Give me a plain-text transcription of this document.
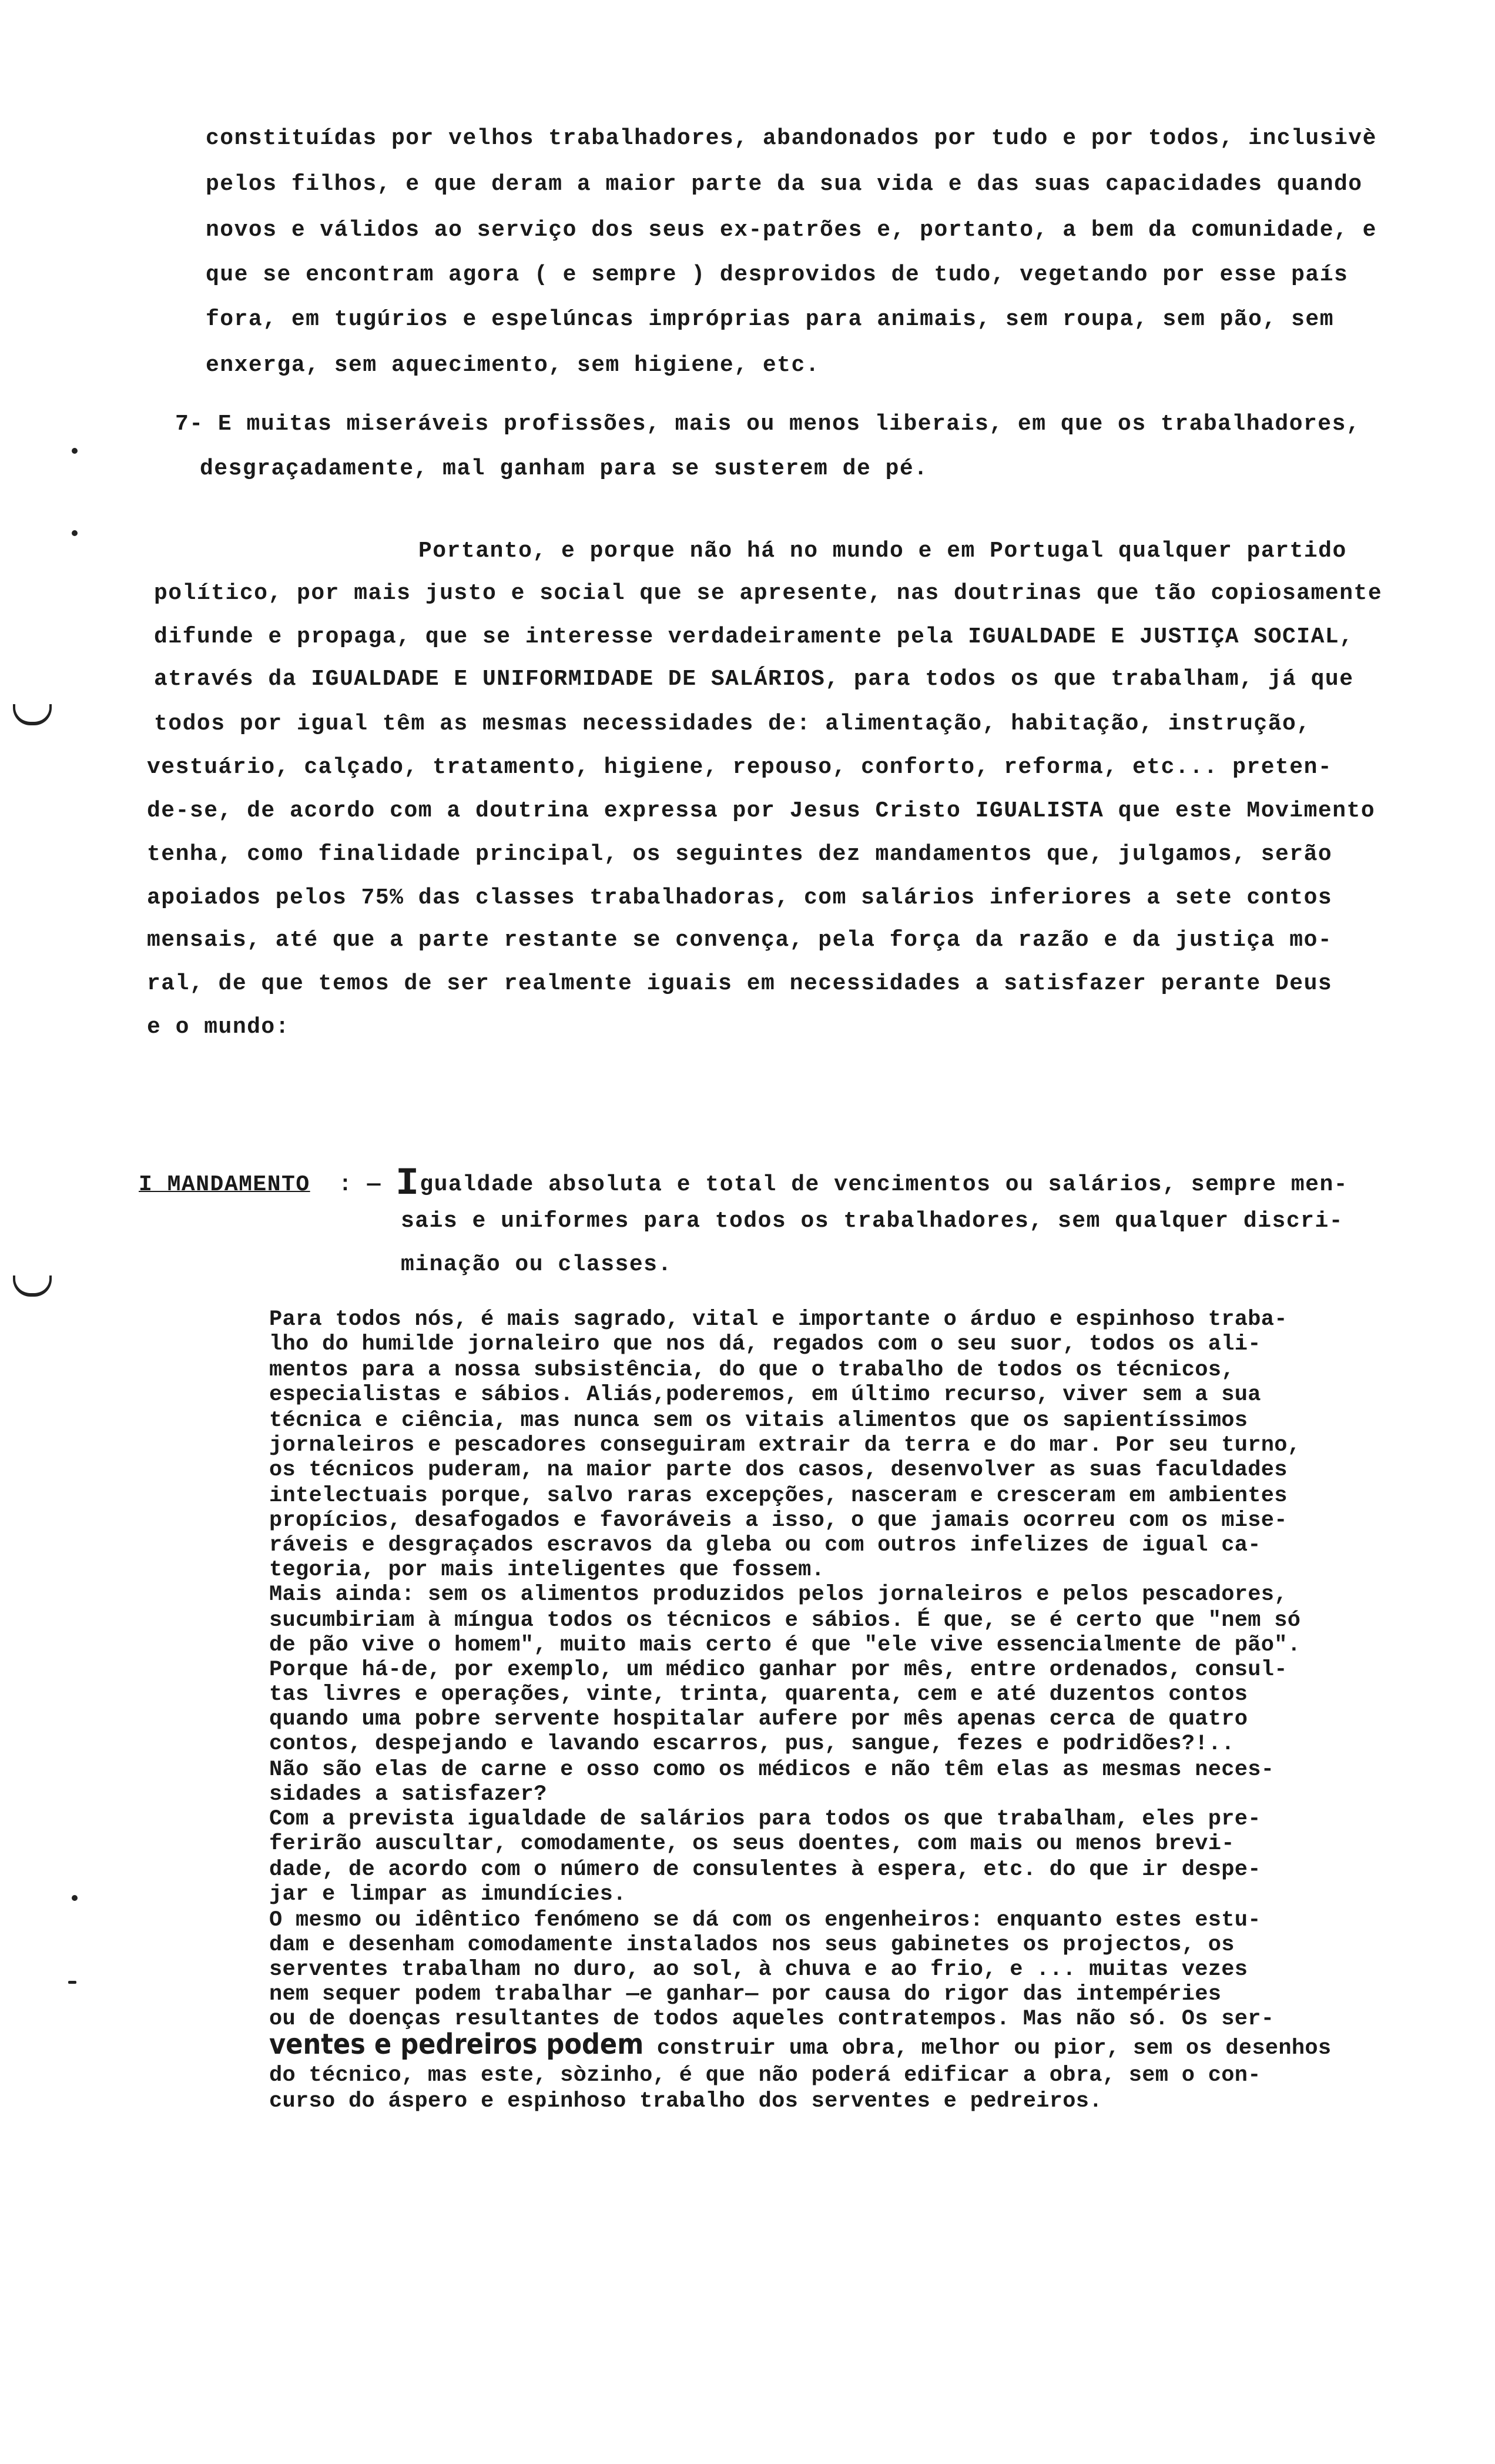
constituídas por velhos trabalhadores, abandonados por tudo e por todos, inclusivè
pelos filhos, e que deram a maior parte da sua vida e das suas capacidades quando
novos e válidos ao serviço dos seus ex-patrões e, portanto, a bem da comunidade, e
que se encontram agora ( e sempre ) desprovidos de tudo, vegetando por esse país
fora, em tugúrios e espelúncas impróprias para animais, sem roupa, sem pão, sem
enxerga, sem aquecimento, sem higiene, etc.
7- E muitas miseráveis profissões, mais ou menos liberais, em que os trabalhadores,
desgraçadamente, mal ganham para se susterem de pé.
Portanto, e porque não há no mundo e em Portugal qualquer partido
político, por mais justo e social que se apresente, nas doutrinas que tão copiosamente
difunde e propaga, que se interesse verdadeiramente pela IGUALDADE E JUSTIÇA SOCIAL,
através da IGUALDADE E UNIFORMIDADE DE SALÁRIOS, para todos os que trabalham, já que
todos por igual têm as mesmas necessidades de: alimentação, habitação, instrução,
vestuário, calçado, tratamento, higiene, repouso, conforto, reforma, etc... preten-
de-se, de acordo com a doutrina expressa por Jesus Cristo IGUALISTA que este Movimento
tenha, como finalidade principal, os seguintes dez mandamentos que, julgamos, serão
apoiados pelos 75% das classes trabalhadoras, com salários inferiores a sete contos
mensais, até que a parte restante se convença, pela força da razão e da justiça mo-
ral, de que temos de ser realmente iguais em necessidades a satisfazer perante Deus
e o mundo:
I MANDAMENTO : — Igualdade absoluta e total de vencimentos ou salários, sempre men-
sais e uniformes para todos os trabalhadores, sem qualquer discri-
minação ou classes.
Para todos nós, é mais sagrado, vital e importante o árduo e espinhoso traba-
lho do humilde jornaleiro que nos dá, regados com o seu suor, todos os ali-
mentos para a nossa subsistência, do que o trabalho de todos os técnicos,
especialistas e sábios. Aliás,poderemos, em último recurso, viver sem a sua
técnica e ciência, mas nunca sem os vitais alimentos que os sapientíssimos
jornaleiros e pescadores conseguiram extrair da terra e do mar. Por seu turno,
os técnicos puderam, na maior parte dos casos, desenvolver as suas faculdades
intelectuais porque, salvo raras excepções, nasceram e cresceram em ambientes
propícios, desafogados e favoráveis a isso, o que jamais ocorreu com os mise-
ráveis e desgraçados escravos da gleba ou com outros infelizes de igual ca-
tegoria, por mais inteligentes que fossem.
Mais ainda: sem os alimentos produzidos pelos jornaleiros e pelos pescadores,
sucumbiriam à míngua todos os técnicos e sábios. É que, se é certo que "nem só
de pão vive o homem", muito mais certo é que "ele vive essencialmente de pão".
Porque há-de, por exemplo, um médico ganhar por mês, entre ordenados, consul-
tas livres e operações, vinte, trinta, quarenta, cem e até duzentos contos
quando uma pobre servente hospitalar aufere por mês apenas cerca de quatro
contos, despejando e lavando escarros, pus, sangue, fezes e podridões?!..
Não são elas de carne e osso como os médicos e não têm elas as mesmas neces-
sidades a satisfazer?
Com a prevista igualdade de salários para todos os que trabalham, eles pre-
ferirão auscultar, comodamente, os seus doentes, com mais ou menos brevi-
dade, de acordo com o número de consulentes à espera, etc. do que ir despe-
jar e limpar as imundícies.
O mesmo ou idêntico fenómeno se dá com os engenheiros: enquanto estes estu-
dam e desenham comodamente instalados nos seus gabinetes os projectos, os
serventes trabalham no duro, ao sol, à chuva e ao frio, e ... muitas vezes
nem sequer podem trabalhar —e ganhar— por causa do rigor das intempéries
ou de doenças resultantes de todos aqueles contratempos. Mas não só. Os ser-
ventes e pedreiros podem construir uma obra, melhor ou pior, sem os desenhos
do técnico, mas este, sòzinho, é que não poderá edificar a obra, sem o con-
curso do áspero e espinhoso trabalho dos serventes e pedreiros.
